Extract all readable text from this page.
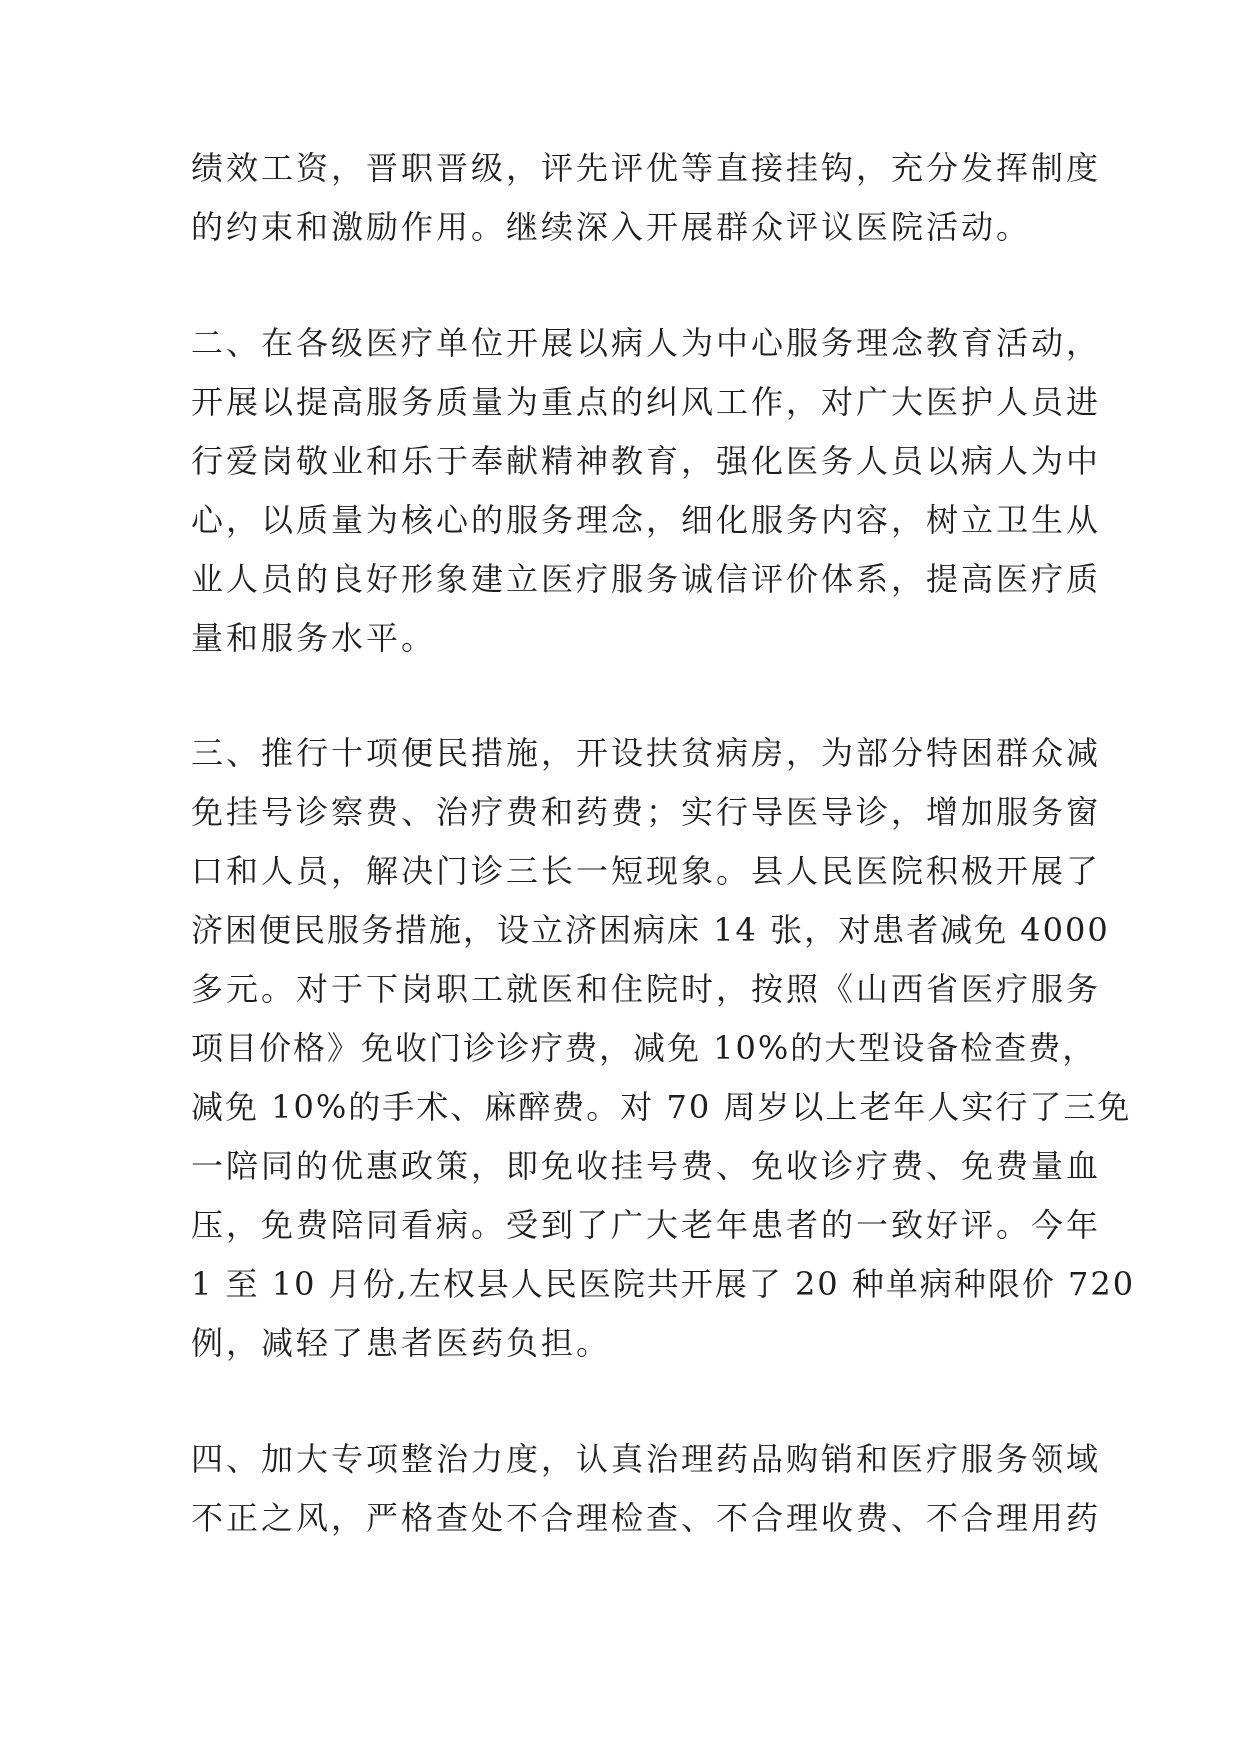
绩效工资，晋职晋级，评先评优等直接挂钩，充分发挥制度
的约束和激励作用。继续深入开展群众评议医院活动。
二、在各级医疗单位开展以病人为中心服务理念教育活动，
开展以提高服务质量为重点的纠风工作，对广大医护人员进
行爱岗敬业和乐于奉献精神教育，强化医务人员以病人为中
心，以质量为核心的服务理念，细化服务内容，树立卫生从
业人员的良好形象建立医疗服务诚信评价体系，提高医疗质
量和服务水平。
三、推行十项便民措施，开设扶贫病房，为部分特困群众减
免挂号诊察费、治疗费和药费；实行导医导诊，增加服务窗
口和人员，解决门诊三长一短现象。县人民医院积极开展了
济困便民服务措施，设立济困病床 14 张，对患者减免 4000
多元。对于下岗职工就医和住院时，按照《山西省医疗服务
项目价格》免收门诊诊疗费，减免 10%的大型设备检查费，
减免 10%的手术、麻醉费。对 70 周岁以上老年人实行了三免
一陪同的优惠政策，即免收挂号费、免收诊疗费、免费量血
压，免费陪同看病。受到了广大老年患者的一致好评。今年
1 至 10 月份,左权县人民医院共开展了 20 种单病种限价 720
例，减轻了患者医药负担。
四、加大专项整治力度，认真治理药品购销和医疗服务领域
不正之风，严格查处不合理检查、不合理收费、不合理用药
